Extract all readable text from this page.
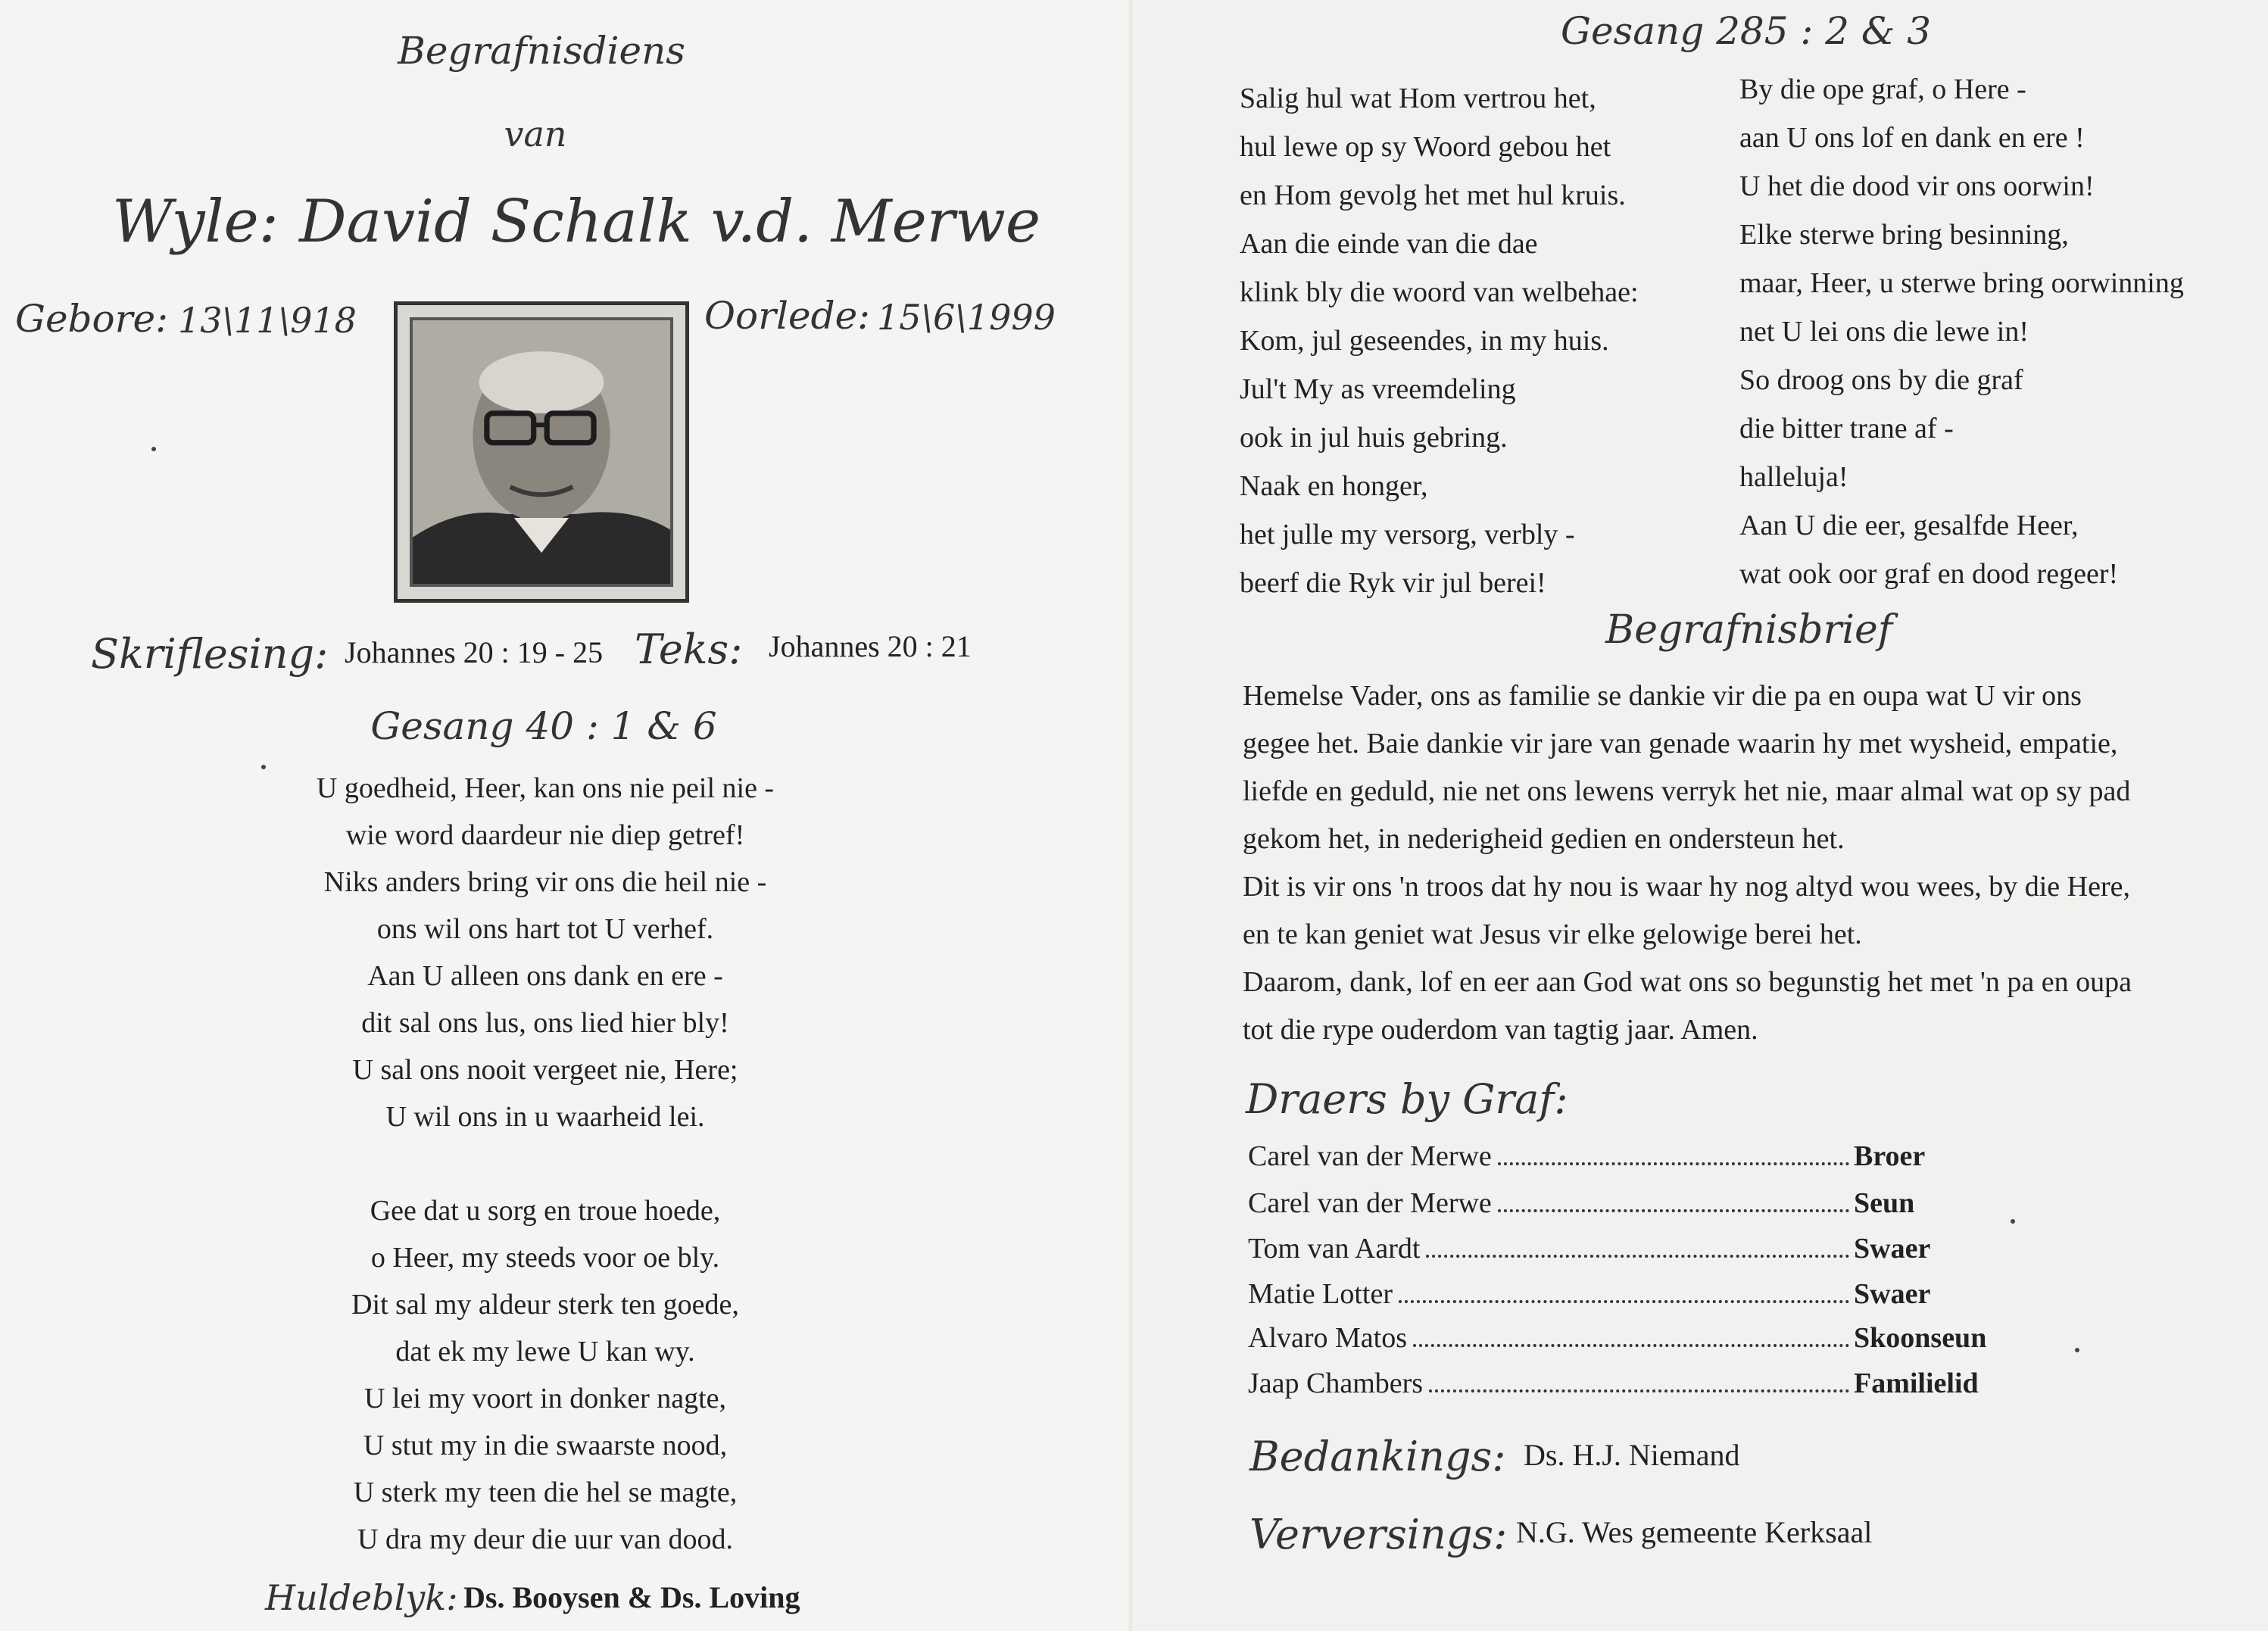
Begrafnisdiens
van
Wyle: David Schalk v.d. Merwe
Gebore: 13\11\918	Oorlede: 15\6\1999
Skriflesing: Johannes 20 : 19 - 25 Teks: Johannes 20 : 21
Gesang 40 : 1 & 6

U goedheid, Heer, kan ons nie peil nie -

wie word daardeur nie diep getref!

Niks anders bring vir ons die heil nie -

ons wil ons hart tot U verhef.

Aan U alleen ons dank en ere -

dit sal ons lus, ons lied hier bly!

U sal ons nooit vergeet nie, Here;

U wil ons in u waarheid lei.

Gee dat u sorg en troue hoede,

o Heer, my steeds voor oe bly.

Dit sal my aldeur sterk ten goede,

dat ek my lewe U kan wy.

U lei my voort in donker nagte,

U stut my in die swaarste nood,

U sterk my teen die hel se magte,

U dra my deur die uur van dood.

Huldeblyk: Ds. Booysen & Ds. Loving
Gesang 285 : 2 & 3

Salig hul wat Hom vertrou het,

hul lewe op sy Woord gebou het

en Hom gevolg het met hul kruis.

Aan die einde van die dae

klink bly die woord van welbehae:

Kom, jul geseendes, in my huis.

Jul't My as vreemdeling

ook in jul huis gebring.

Naak en honger,

het julle my versorg, verbly -

beerf die Ryk vir jul berei!

By die ope graf, o Here -

aan U ons lof en dank en ere !

U het die dood vir ons oorwin!

Elke sterwe bring besinning,

maar, Heer, u sterwe bring oorwinning

net U lei ons die lewe in!

So droog ons by die graf

die bitter trane af -

halleluja!

Aan U die eer, gesalfde Heer,

wat ook oor graf en dood regeer!

Begrafnisbrief

Hemelse Vader, ons as familie se dankie vir die pa en oupa wat U vir ons

gegee het. Baie dankie vir jare van genade waarin hy met wysheid, empatie,

liefde en geduld, nie net ons lewens verryk het nie, maar almal wat op sy pad

gekom het, in nederigheid gedien en ondersteun het.

Dit is vir ons 'n troos dat hy nou is waar hy nog altyd wou wees, by die Here,

en te kan geniet wat Jesus vir elke gelowige berei het.

Daarom, dank, lof en eer aan God wat ons so begunstig het met 'n pa en oupa

tot die rype ouderdom van tagtig jaar. Amen.

Draers by Graf:
Carel van der Merwe	Broer
Carel van der Merwe	Seun
Tom van Aardt	Swaer
Matie Lotter	Swaer
Alvaro Matos	Skoonseun
Jaap Chambers	Familielid
Bedankings: Ds. H.J. Niemand
Verversings: N.G. Wes gemeente Kerksaal
